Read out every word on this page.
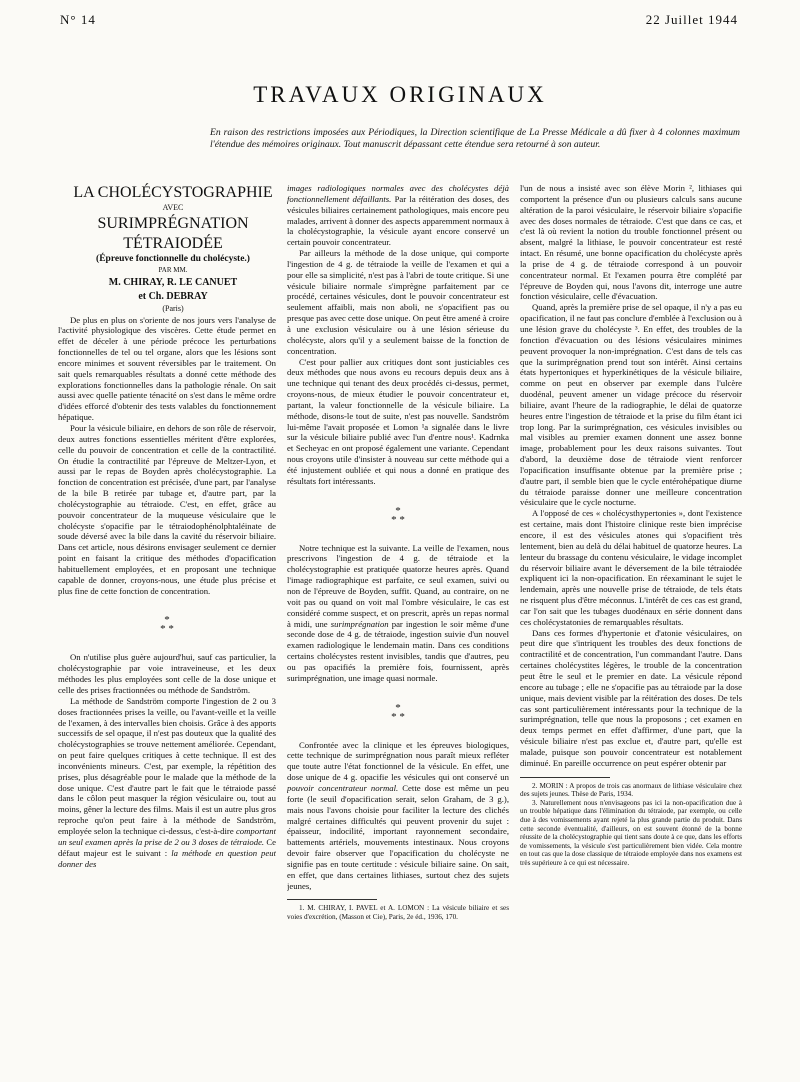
N° 14	22 Juillet 1944
TRAVAUX ORIGINAUX
En raison des restrictions imposées aux Périodiques, la Direction scientifique de La Presse Médicale a dû fixer à 4 colonnes maximum l'étendue des mémoires originaux. Tout manuscrit dépassant cette étendue sera retourné à son auteur.

LA CHOLÉCYSTOGRAPHIE

AVEC

SURIMPRÉGNATION

TÉTRAIODÉE

(Épreuve fonctionnelle du cholécyste.)

PAR MM.

M. CHIRAY, R. LE CANUET

et Ch. DEBRAY

(Paris)

De plus en plus on s'oriente de nos jours vers l'analyse de l'activité physiologique des viscères. Cette étude permet en effet de déceler à une période précoce les perturbations fonctionnelles de tel ou tel organe, alors que les lésions sont encore minimes et souvent réversibles par le traitement. On sait quels remarquables résultats a donné cette méthode des explorations fonctionnelles dans la pathologie rénale. On sait aussi avec quelle patiente ténacité on s'est dans le même ordre d'idées efforcé d'obtenir des tests valables du fonctionnement hépatique.

Pour la vésicule biliaire, en dehors de son rôle de réservoir, deux autres fonctions essentielles méritent d'être explorées, celle du pouvoir de concentration et celle de la contractilité. On étudie la contractilité par l'épreuve de Meltzer-Lyon, et aussi par le repas de Boyden après cholécystographie. La fonction de concentration est précisée, d'une part, par l'analyse de la bile B retirée par tubage et, d'autre part, par la cholécystographie au tétraiode. C'est, en effet, grâce au pouvoir concentrateur de la muqueuse vésiculaire que le cholécyste s'opacifie par le tétraiodophénolphtaléinate de soude déversé avec la bile dans la cavité du réservoir biliaire. Dans cet article, nous désirons envisager seulement ce dernier point en faisant la critique des méthodes d'opacification habituellement employées, et en proposant une technique capable de donner, croyons-nous, une étude plus précise et plus fine de cette fonction de concentration.

*
* *

On n'utilise plus guère aujourd'hui, sauf cas particulier, la cholécystographie par voie intraveineuse, et les deux méthodes les plus employées sont celle de la dose unique et celle des prises fractionnées ou méthode de Sandström.

La méthode de Sandström comporte l'ingestion de 2 ou 3 doses fractionnées prises la veille, ou l'avant-veille et la veille de l'examen, à des intervalles bien choisis. Grâce à des apports successifs de sel opaque, il n'est pas douteux que la qualité des cholécystographies se trouve nettement améliorée. Cependant, on peut faire quelques critiques à cette technique. Il est des inconvénients mineurs. C'est, par exemple, la répétition des prises, plus désagréable pour le malade que la méthode de la dose unique. C'est d'autre part le fait que le tétraiode passé dans le côlon peut masquer la région vésiculaire ou, tout au moins, gêner la lecture des films. Mais il est un autre plus gros reproche qu'on peut faire à la méthode de Sandström, employée selon la technique ci-dessus, c'est-à-dire comportant un seul examen après la prise de 2 ou 3 doses de tétraiode. Ce défaut majeur est le suivant : la méthode en question peut donner des

images radiologiques normales avec des cholécystes déjà fonctionnellement défaillants. Par la réitération des doses, des vésicules biliaires certainement pathologiques, mais encore peu malades, arrivent à donner des aspects apparemment normaux à la cholécystographie, la vésicule ayant encore conservé un certain pouvoir concentrateur.

Par ailleurs la méthode de la dose unique, qui comporte l'ingestion de 4 g. de tétraiode la veille de l'examen et qui a pour elle sa simplicité, n'est pas à l'abri de toute critique. Si une vésicule biliaire normale s'imprègne parfaitement par ce procédé, certaines vésicules, dont le pouvoir concentrateur est seulement affaibli, mais non aboli, ne s'opacifient pas ou presque pas avec cette dose unique. On peut être amené à croire à une exclusion vésiculaire ou à une lésion sérieuse du cholécyste, alors qu'il y a seulement baisse de la fonction de concentration.

C'est pour pallier aux critiques dont sont justiciables ces deux méthodes que nous avons eu recours depuis deux ans à une technique qui tenant des deux procédés ci-dessus, permet, croyons-nous, de mieux étudier le pouvoir concentrateur et, partant, la valeur fonctionnelle de la vésicule biliaire. La méthode, disons-le tout de suite, n'est pas nouvelle. Sandström lui-même l'avait proposée et Lomon ¹a signalée dans le livre sur la vésicule biliaire publié avec l'un d'entre nous¹. Kadrnka et Secheyac en ont proposé également une variante. Cependant nous croyons utile d'insister à nouveau sur cette méthode qui a été injustement oubliée et qui nous a donné en pratique des résultats fort intéressants.

*
* *

Notre technique est la suivante. La veille de l'examen, nous prescrivons l'ingestion de 4 g. de tétraiode et la cholécystographie est pratiquée quatorze heures après. Quand l'image radiographique est parfaite, ce seul examen, suivi ou non de l'épreuve de Boyden, suffit. Quand, au contraire, on ne voit pas ou quand on voit mal l'ombre vésiculaire, le cas est considéré comme suspect, et on prescrit, après un repas normal à midi, une surimprégnation par ingestion le soir même d'une seconde dose de 4 g. de tétraiode, ingestion suivie d'un nouvel examen radiologique le lendemain matin. Dans ces conditions certains cholécystes restent invisibles, tandis que d'autres, peu ou pas opacifiés la première fois, fournissent, après surimprégnation, une image quasi normale.

*
* *

Confrontée avec la clinique et les épreuves biologiques, cette technique de surimprégnation nous paraît mieux refléter que toute autre l'état fonctionnel de la vésicule. En effet, une dose unique de 4 g. opacifie les vésicules qui ont conservé un pouvoir concentrateur normal. Cette dose est même un peu forte (le seuil d'opacification serait, selon Graham, de 3 g.), mais nous l'avons choisie pour faciliter la lecture des clichés malgré certaines difficultés qui peuvent provenir du sujet : épaisseur, indocilité, important rayonnement secondaire, battements artériels, mouvements intestinaux. Nous croyons devoir faire observer que l'opacification du cholécyste ne signifie pas en toute certitude : vésicule biliaire saine. On sait, en effet, que dans certaines lithiases, surtout chez des sujets jeunes,

1. M. CHIRAY, I. PAVEL et A. LOMON : La vésicule biliaire et ses voies d'excrétion, (Masson et Cie), Paris, 2e éd., 1936, 170.

l'un de nous a insisté avec son élève Morin ², lithiases qui comportent la présence d'un ou plusieurs calculs sans aucune altération de la paroi vésiculaire, le réservoir biliaire s'opacifie avec des doses normales de tétraiode. C'est que dans ce cas, et c'est là où revient la notion du trouble fonctionnel présent ou absent, malgré la lithiase, le pouvoir concentrateur est resté intact. En résumé, une bonne opacification du cholécyste après la prise de 4 g. de tétraiode correspond à un pouvoir concentrateur normal. Et l'examen pourra être complété par l'épreuve de Boyden qui, nous l'avons dit, interroge une autre fonction vésiculaire, celle d'évacuation.

Quand, après la première prise de sel opaque, il n'y a pas eu opacification, il ne faut pas conclure d'emblée à l'exclusion ou à une lésion grave du cholécyste ³. En effet, des troubles de la fonction d'évacuation ou des lésions vésiculaires minimes peuvent provoquer la non-imprégnation. C'est dans de tels cas que la surimprégnation prend tout son intérêt. Ainsi certains états hypertoniques et hyperkinétiques de la vésicule biliaire, comme on peut en observer par exemple dans l'ulcère duodénal, peuvent amener un vidage précoce du réservoir biliaire, avant l'heure de la radiographie, le délai de quatorze heures entre l'ingestion de tétraiode et la prise du film étant ici trop long. Par la surimprégnation, ces vésicules invisibles ou mal visibles au premier examen donnent une assez bonne image, probablement pour les deux raisons suivantes. Tout d'abord, la deuxième dose de tétraiode vient renforcer l'opacification insuffisante obtenue par la première prise ; d'autre part, il semble bien que le cycle entérohépatique diurne du tétraiode paraisse donner une meilleure concentration vésiculaire que le cycle nocturne.

A l'opposé de ces « cholécysthypertonies », dont l'existence est certaine, mais dont l'histoire clinique reste bien imprécise encore, il est des vésicules atones qui s'opacifient très lentement, bien au delà du délai habituel de quatorze heures. La lenteur du brassage du contenu vésiculaire, le vidage incomplet du réservoir biliaire avant le déversement de la bile tétraiodée expliquent ici la non-opacification. En réexaminant le sujet le lendemain, après une nouvelle prise de tétraiode, de tels états ne risquent plus d'être méconnus. L'intérêt de ces cas est grand, car l'on sait que les tubages duodénaux en série donnent dans ces cholécystatonies de remarquables résultats.

Dans ces formes d'hypertonie et d'atonie vésiculaires, on peut dire que s'intriquent les troubles des deux fonctions de contractilité et de concentration, l'un commandant l'autre. Dans certaines cholécystites légères, le trouble de la concentration peut être le seul et le premier en date. La vésicule répond encore au tubage ; elle ne s'opacifie pas au tétraiode par la dose unique, mais devient visible par la réitération des doses. De tels cas sont particulièrement intéressants pour la technique de la surimprégnation, telle que nous la proposons ; cet examen en deux temps permet en effet d'affirmer, d'une part, que la vésicule biliaire n'est pas exclue et, d'autre part, qu'elle est malade, puisque son pouvoir concentrateur est notablement diminué. En pareille occurrence on peut espérer obtenir par

2. MORIN : A propos de trois cas anormaux de lithiase vésiculaire chez des sujets jeunes. Thèse de Paris, 1934.

3. Naturellement nous n'envisageons pas ici la non-opacification due à un trouble hépatique dans l'élimination du tétraiode, par exemple, ou celle due à des vomissements ayant rejeté la plus grande partie du produit. Dans cette seconde éventualité, d'ailleurs, on est souvent étonné de la bonne réussite de la cholécystographie qui tient sans doute à ce que, dans les efforts de vomissements, la vésicule s'est particulièrement bien vidée. Cela montre en tout cas que la dose classique de tétraiode employée dans nos examens est très supérieure à ce qui est nécessaire.
